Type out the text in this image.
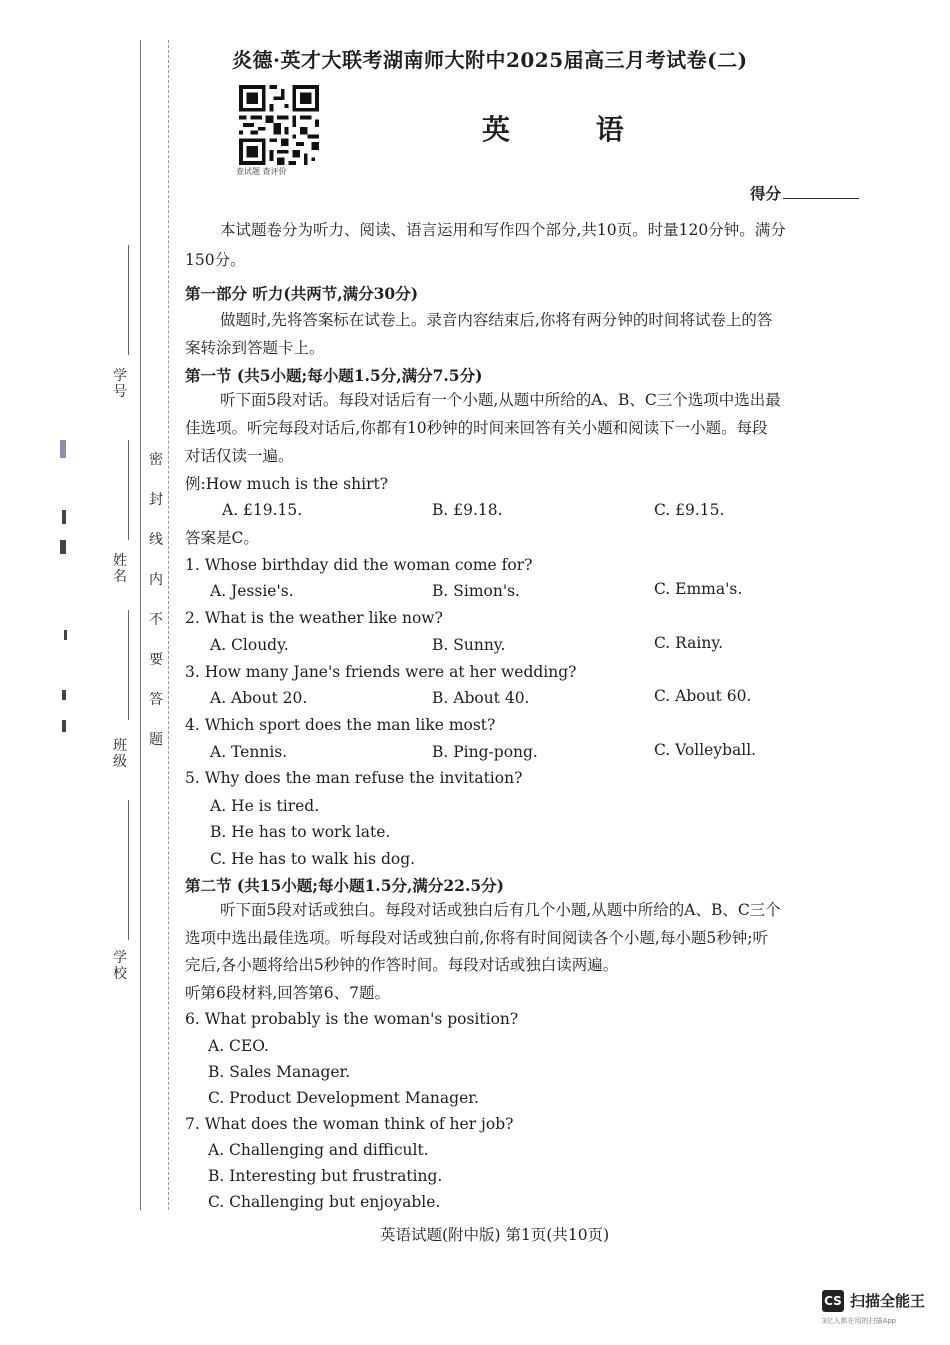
学号
姓名
班级
学校
密封线内不要答题
炎德·英才大联考湖南师大附中2025届高三月考试卷(二)
查试题 查评价
英 语
得分
本试题卷分为听力、阅读、语言运用和写作四个部分,共10页。时量120分钟。满分
150分。
第一部分 听力(共两节,满分30分)
做题时,先将答案标在试卷上。录音内容结束后,你将有两分钟的时间将试卷上的答
案转涂到答题卡上。
第一节 (共5小题;每小题1.5分,满分7.5分)
听下面5段对话。每段对话后有一个小题,从题中所给的A、B、C三个选项中选出最
佳选项。听完每段对话后,你都有10秒钟的时间来回答有关小题和阅读下一小题。每段
对话仅读一遍。
例:How much is the shirt?
A. £19.15.	B. £9.18.	C. £9.15.
答案是C。
1. Whose birthday did the woman come for?
A. Jessie's.	B. Simon's.	C. Emma's.
2. What is the weather like now?
A. Cloudy.	B. Sunny.	C. Rainy.
3. How many Jane's friends were at her wedding?
A. About 20.	B. About 40.	C. About 60.
4. Which sport does the man like most?
A. Tennis.	B. Ping-pong.	C. Volleyball.
5. Why does the man refuse the invitation?
A. He is tired.
B. He has to work late.
C. He has to walk his dog.
第二节 (共15小题;每小题1.5分,满分22.5分)
听下面5段对话或独白。每段对话或独白后有几个小题,从题中所给的A、B、C三个
选项中选出最佳选项。听每段对话或独白前,你将有时间阅读各个小题,每小题5秒钟;听
完后,各小题将给出5秒钟的作答时间。每段对话或独白读两遍。
听第6段材料,回答第6、7题。
6. What probably is the woman's position?
A. CEO.
B. Sales Manager.
C. Product Development Manager.
7. What does the woman think of her job?
A. Challenging and difficult.
B. Interesting but frustrating.
C. Challenging but enjoyable.
英语试题(附中版) 第1页(共10页)
CS 扫描全能王
3亿人都在用的扫描App
